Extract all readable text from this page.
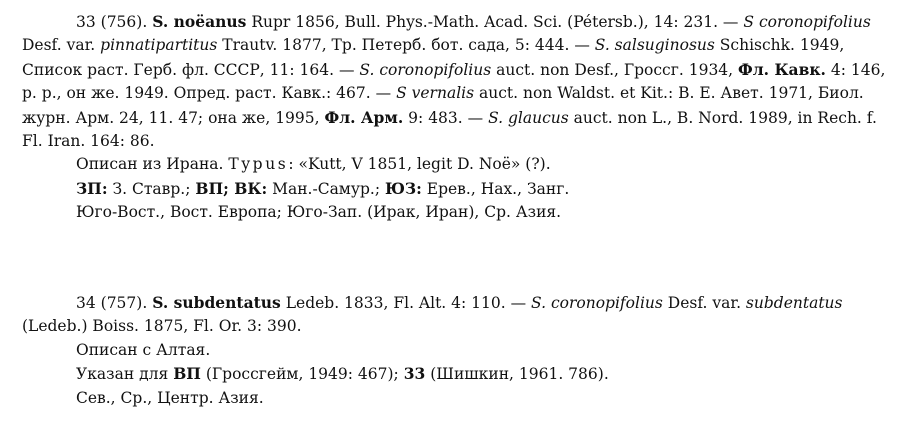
33 (756). S. noëanus Rupr 1856, Bull. Phys.-Math. Acad. Sci. (Pétersb.), 14: 231. — S coronopifolius Desf. var. pinnatipartitus Trautv. 1877, Тр. Петерб. бот. сада, 5: 444. — S. salsuginosus Schischk. 1949, Список раст. Герб. фл. СССР, 11: 164. — S. coronopifolius auct. non Desf., Гроссг. 1934, Фл. Кавк. 4: 146, p. p., он же. 1949. Опред. раст. Кавк.: 467. — S vernalis auct. non Waldst. et Kit.: В. Е. Авет. 1971, Биол. журн. Арм. 24, 11. 47; она же, 1995, Фл. Арм. 9: 483. — S. glaucus auct. non L., B. Nord. 1989, in Rech. f. Fl. Iran. 164: 86.

Описан из Ирана. Typus: «Kutt, V 1851, legit D. Noë» (?).

ЗП: З. Ставр.; ВП; ВК: Ман.-Самур.; ЮЗ: Ерев., Нах., Занг.

Юго-Вост., Вост. Европа; Юго-Зап. (Ирак, Иран), Ср. Азия.

34 (757). S. subdentatus Ledeb. 1833, Fl. Alt. 4: 110. — S. coronopifolius Desf. var. subdentatus (Ledeb.) Boiss. 1875, Fl. Or. 3: 390.

Описан с Алтая.

Указан для ВП (Гроссгейм, 1949: 467); 33 (Шишкин, 1961. 786).

Сев., Ср., Центр. Азия.
